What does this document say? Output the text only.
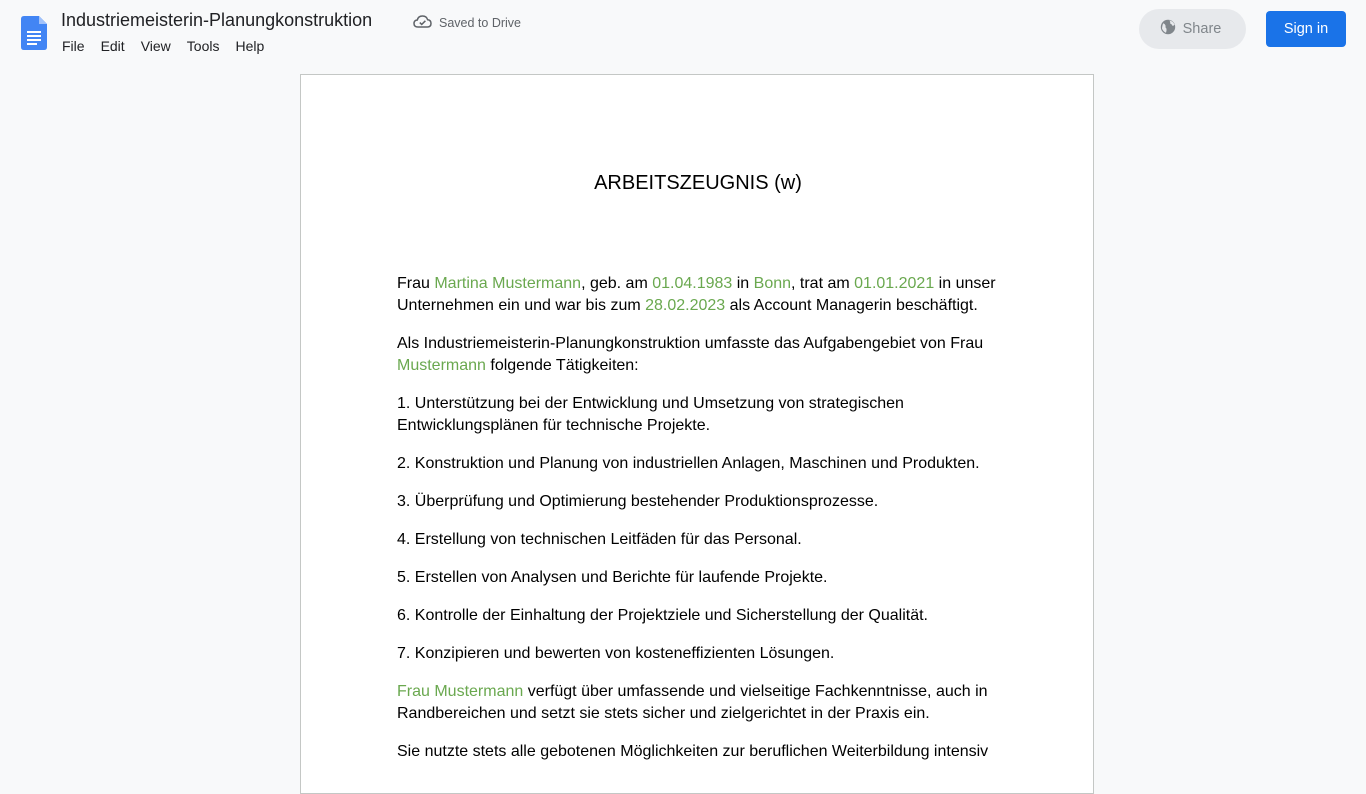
Industriemeisterin-Planungkonstruktion	Saved to Drive
File	Edit	View	Tools	Help
Share	Sign in
ARBEITSZEUGNIS (w)

Frau Martina Mustermann, geb. am 01.04.1983 in Bonn, trat am 01.01.2021 in unser Unternehmen ein und war bis zum 28.02.2023 als Account Managerin beschäftigt.

Als Industriemeisterin-Planungkonstruktion umfasste das Aufgabengebiet von Frau Mustermann folgende Tätigkeiten:

1. Unterstützung bei der Entwicklung und Umsetzung von strategischen Entwicklungsplänen für technische Projekte.

2. Konstruktion und Planung von industriellen Anlagen, Maschinen und Produkten.

3. Überprüfung und Optimierung bestehender Produktionsprozesse.

4. Erstellung von technischen Leitfäden für das Personal.

5. Erstellen von Analysen und Berichte für laufende Projekte.

6. Kontrolle der Einhaltung der Projektziele und Sicherstellung der Qualität.

7. Konzipieren und bewerten von kosteneffizienten Lösungen.

Frau Mustermann verfügt über umfassende und vielseitige Fachkenntnisse, auch in Randbereichen und setzt sie stets sicher und zielgerichtet in der Praxis ein.

Sie nutzte stets alle gebotenen Möglichkeiten zur beruflichen Weiterbildung intensiv
